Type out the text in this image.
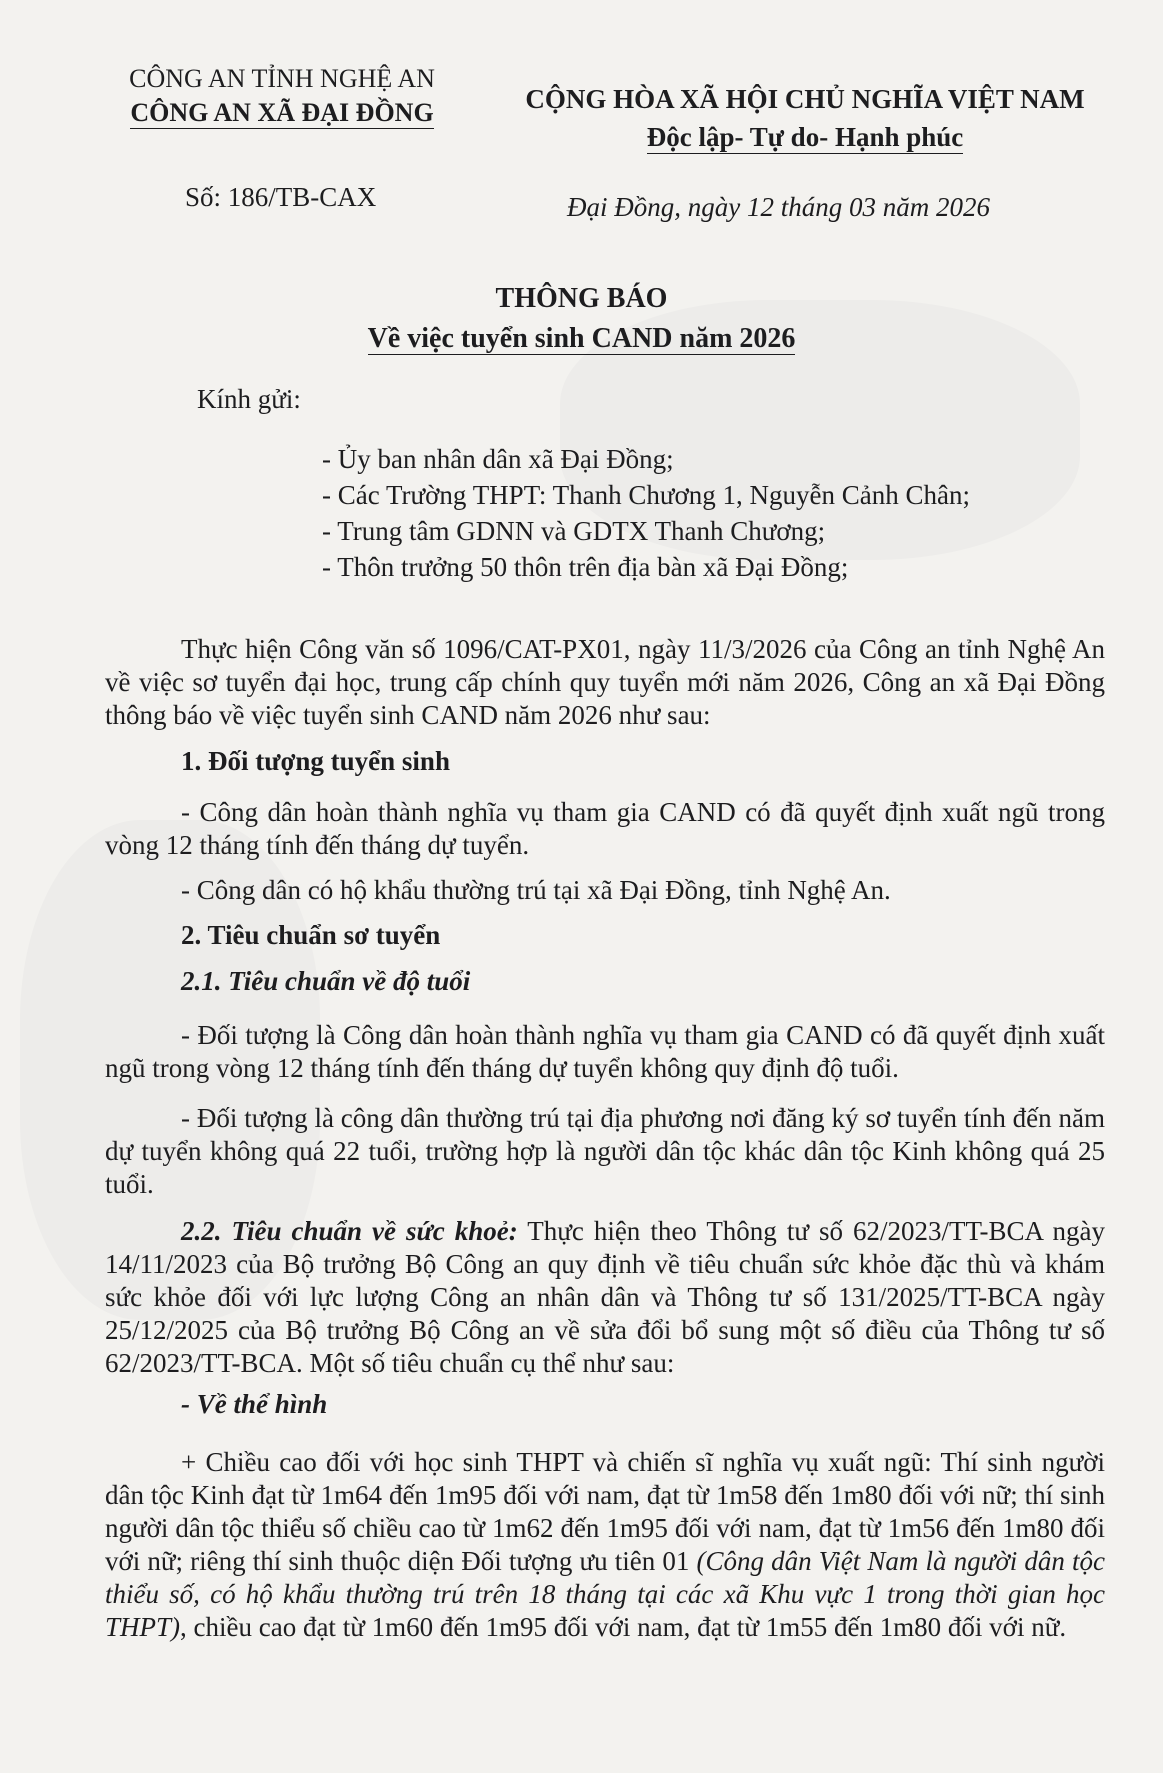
CÔNG AN TỈNH NGHỆ AN
CÔNG AN XÃ ĐẠI ĐỒNG	CỘNG HÒA XÃ HỘI CHỦ NGHĨA VIỆT NAM
Độc lập- Tự do- Hạnh phúc
Số: 186/TB-CAX	Đại Đồng, ngày 12 tháng 03 năm 2026
THÔNG BÁO
Về việc tuyển sinh CAND năm 2026
Kính gửi:
- Ủy ban nhân dân xã Đại Đồng;
- Các Trường THPT: Thanh Chương 1, Nguyễn Cảnh Chân;
- Trung tâm GDNN và GDTX Thanh Chương;
- Thôn trưởng 50 thôn trên địa bàn xã Đại Đồng;
Thực hiện Công văn số 1096/CAT-PX01, ngày 11/3/2026 của Công an tỉnh Nghệ An về việc sơ tuyển đại học, trung cấp chính quy tuyển mới năm 2026, Công an xã Đại Đồng thông báo về việc tuyển sinh CAND năm 2026 như sau:
1. Đối tượng tuyển sinh
- Công dân hoàn thành nghĩa vụ tham gia CAND có đã quyết định xuất ngũ trong vòng 12 tháng tính đến tháng dự tuyển.
- Công dân có hộ khẩu thường trú tại xã Đại Đồng, tỉnh Nghệ An.
2. Tiêu chuẩn sơ tuyển
2.1. Tiêu chuẩn về độ tuổi
- Đối tượng là Công dân hoàn thành nghĩa vụ tham gia CAND có đã quyết định xuất ngũ trong vòng 12 tháng tính đến tháng dự tuyển không quy định độ tuổi.
- Đối tượng là công dân thường trú tại địa phương nơi đăng ký sơ tuyển tính đến năm dự tuyển không quá 22 tuổi, trường hợp là người dân tộc khác dân tộc Kinh không quá 25 tuổi.
2.2. Tiêu chuẩn về sức khoẻ: Thực hiện theo Thông tư số 62/2023/TT-BCA ngày 14/11/2023 của Bộ trưởng Bộ Công an quy định về tiêu chuẩn sức khỏe đặc thù và khám sức khỏe đối với lực lượng Công an nhân dân và Thông tư số 131/2025/TT-BCA ngày 25/12/2025 của Bộ trưởng Bộ Công an về sửa đổi bổ sung một số điều của Thông tư số 62/2023/TT-BCA. Một số tiêu chuẩn cụ thể như sau:
- Về thể hình
+ Chiều cao đối với học sinh THPT và chiến sĩ nghĩa vụ xuất ngũ: Thí sinh người dân tộc Kinh đạt từ 1m64 đến 1m95 đối với nam, đạt từ 1m58 đến 1m80 đối với nữ; thí sinh người dân tộc thiểu số chiều cao từ 1m62 đến 1m95 đối với nam, đạt từ 1m56 đến 1m80 đối với nữ; riêng thí sinh thuộc diện Đối tượng ưu tiên 01 (Công dân Việt Nam là người dân tộc thiểu số, có hộ khẩu thường trú trên 18 tháng tại các xã Khu vực 1 trong thời gian học THPT), chiều cao đạt từ 1m60 đến 1m95 đối với nam, đạt từ 1m55 đến 1m80 đối với nữ.
